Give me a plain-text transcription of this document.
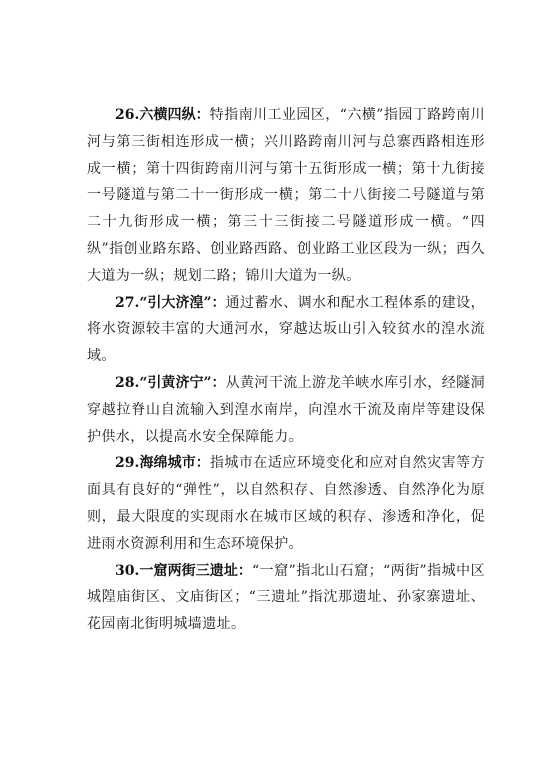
26.六横四纵：特指南川工业园区，“六横”指园丁路跨南川河与第三街相连形成一横；兴川路跨南川河与总寨西路相连形成一横；第十四街跨南川河与第十五街形成一横；第十九街接一号隧道与第二十一街形成一横；第二十八街接二号隧道与第二十九街形成一横；第三十三街接二号隧道形成一横。“四纵”指创业路东路、创业路西路、创业路工业区段为一纵；西久大道为一纵；规划二路；锦川大道为一纵。

27.“引大济湟”：通过蓄水、调水和配水工程体系的建设，将水资源较丰富的大通河水，穿越达坂山引入较贫水的湟水流域。

28.“引黄济宁”：从黄河干流上游龙羊峡水库引水，经隧洞穿越拉脊山自流输入到湟水南岸，向湟水干流及南岸等建设保护供水，以提高水安全保障能力。

29.海绵城市：指城市在适应环境变化和应对自然灾害等方面具有良好的“弹性”，以自然积存、自然渗透、自然净化为原则，最大限度的实现雨水在城市区域的积存、渗透和净化，促进雨水资源利用和生态环境保护。

30.一窟两街三遗址：“一窟”指北山石窟；“两街”指城中区城隍庙街区、文庙街区；“三遗址”指沈那遗址、孙家寨遗址、花园南北街明城墙遗址。
